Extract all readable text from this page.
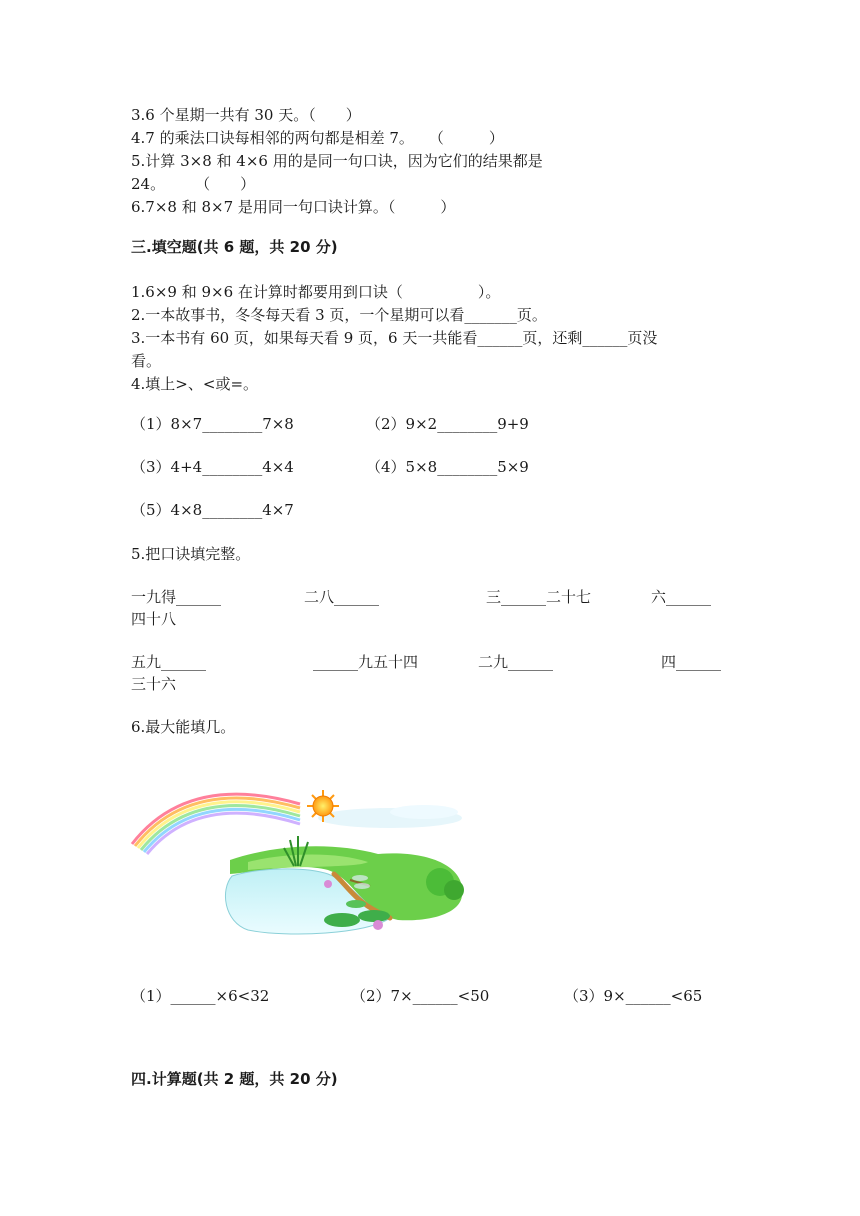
3.6 个星期一共有 30 天。（　　）
4.7 的乘法口诀每相邻的两句都是相差 7。　　（　　　）
5.计算 3×8 和 4×6 用的是同一句口诀，因为它们的结果都是
24。　　　（　　）
6.7×8 和 8×7 是用同一句口诀计算。（　　　）
三.填空题(共 6 题，共 20 分)
1.6×9 和 9×6 在计算时都要用到口诀（　　　　　）。
2.一本故事书，冬冬每天看 3 页，一个星期可以看_______页。
3.一本书有 60 页，如果每天看 9 页，6 天一共能看______页，还剩______页没
看。
4.填上>、<或=。
（1）8×7________7×8	（2）9×2________9+9
（3）4+4________4×4	（4）5×8________5×9
（5）4×8________4×7
5.把口诀填完整。
一九得______	二八______	三______二十七	六______
四十八
五九______	______九五十四	二九______	四______
三十六
6.最大能填几。
（1）______×6<32	（2）7×______<50	（3）9×______<65
四.计算题(共 2 题，共 20 分)
